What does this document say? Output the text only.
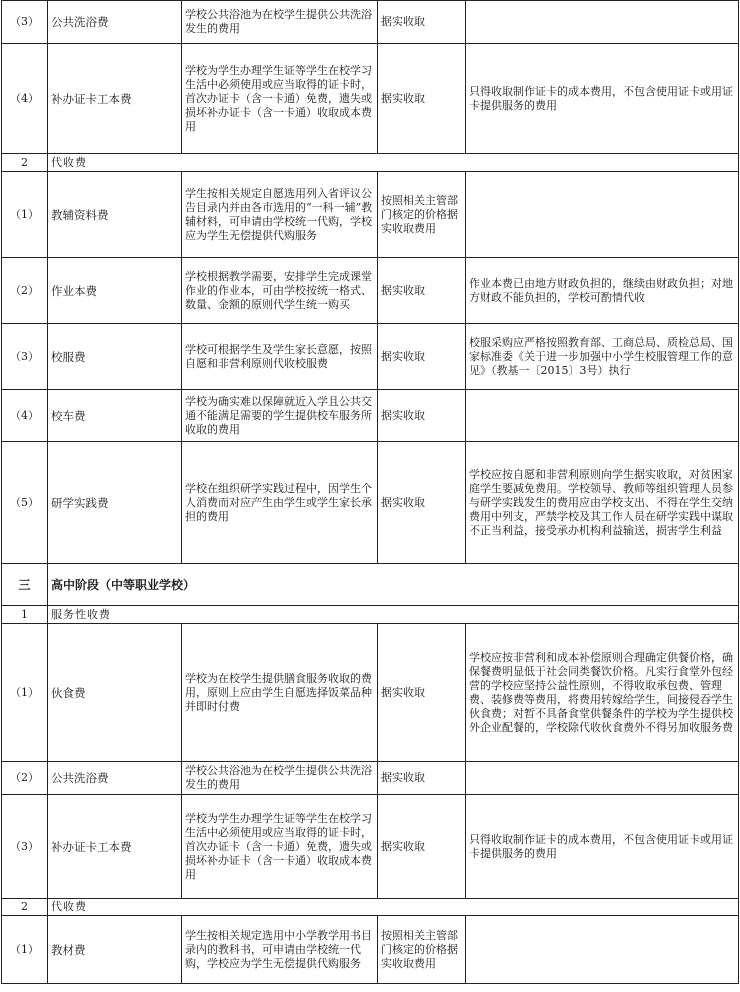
（3）	公共洗浴费	学校公共浴池为在校学生提供公共洗浴发生的费用	据实收取	
（4）	补办证卡工本费	学校为学生办理学生证等学生在校学习生活中必须使用或应当取得的证卡时，首次办证卡（含一卡通）免费，遗失或损坏补办证卡（含一卡通）收取成本费用	据实收取	只得收取制作证卡的成本费用，不包含使用证卡或用证卡提供服务的费用
2	代收费			
（1）	教辅资料费	学生按相关规定自愿选用列入省评议公告目录内并由各市选用的“一科一辅”教辅材料，可申请由学校统一代购，学校应为学生无偿提供代购服务	按照相关主管部门核定的价格据实收取费用	
（2）	作业本费	学校根据教学需要，安排学生完成课堂作业的作业本，可由学校按统一格式、数量、金额的原则代学生统一购买	据实收取	作业本费已由地方财政负担的，继续由财政负担；对地方财政不能负担的，学校可酌情代收
（3）	校服费	学校可根据学生及学生家长意愿，按照自愿和非营利原则代收校服费	据实收取	校服采购应严格按照教育部、工商总局、质检总局、国家标准委《关于进一步加强中小学生校服管理工作的意见》（教基一〔2015〕3号）执行
（4）	校车费	学校为确实难以保障就近入学且公共交通不能满足需要的学生提供校车服务所收取的费用	据实收取	
（5）	研学实践费	学校在组织研学实践过程中，因学生个人消费而对应产生由学生或学生家长承担的费用	据实收取	学校应按自愿和非营利原则向学生据实收取，对贫困家庭学生要减免费用。学校领导、教师等组织管理人员参与研学实践发生的费用应由学校支出、不得在学生交纳费用中列支，严禁学校及其工作人员在研学实践中谋取不正当利益，接受承办机构利益输送，损害学生利益
三	高中阶段（中等职业学校）			
1	服务性收费			
（1）	伙食费	学校为在校学生提供膳食服务收取的费用，原则上应由学生自愿选择饭菜品种并即时付费	据实收取	学校应按非营利和成本补偿原则合理确定供餐价格，确保餐费明显低于社会同类餐饮价格。凡实行食堂外包经营的学校应坚持公益性原则，不得收取承包费、管理费、装修费等费用，将费用转嫁给学生，间接侵吞学生伙食费；对暂不具备食堂供餐条件的学校为学生提供校外企业配餐的，学校除代收伙食费外不得另加收服务费
（2）	公共洗浴费	学校公共浴池为在校学生提供公共洗浴发生的费用	据实收取	
（3）	补办证卡工本费	学校为学生办理学生证等学生在校学习生活中必须使用或应当取得的证卡时，首次办证卡（含一卡通）免费，遗失或损坏补办证卡（含一卡通）收取成本费用	据实收取	只得收取制作证卡的成本费用，不包含使用证卡或用证卡提供服务的费用
2	代收费			
（1）	教材费	学生按相关规定选用中小学教学用书目录内的教科书，可申请由学校统一代购，学校应为学生无偿提供代购服务	按照相关主管部门核定的价格据实收取费用	
